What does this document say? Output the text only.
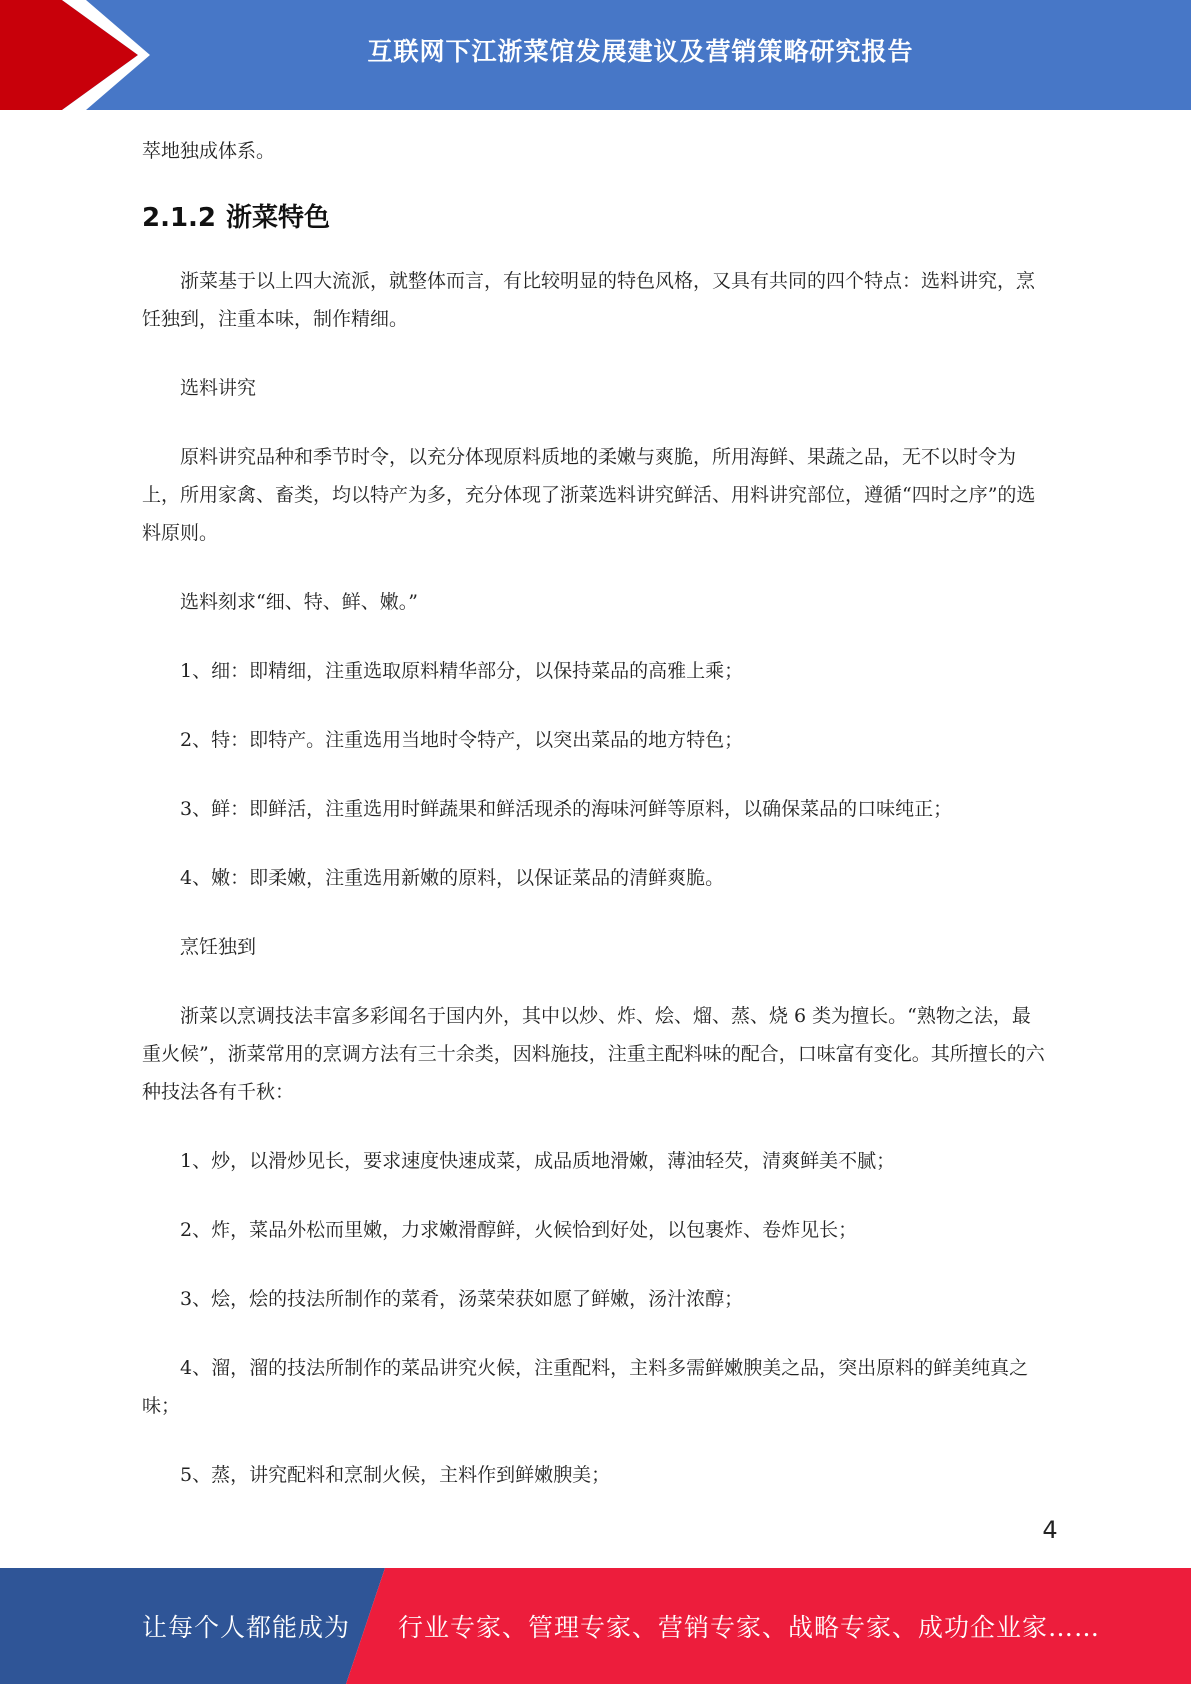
互联网下江浙菜馆发展建议及营销策略研究报告

萃地独成体系。

2.1.2 浙菜特色

浙菜基于以上四大流派，就整体而言，有比较明显的特色风格，又具有共同的四个特点：选料讲究，烹饪独到，注重本味，制作精细。

选料讲究

原料讲究品种和季节时令，以充分体现原料质地的柔嫩与爽脆，所用海鲜、果蔬之品，无不以时令为上，所用家禽、畜类，均以特产为多，充分体现了浙菜选料讲究鲜活、用料讲究部位，遵循“四时之序”的选料原则。

选料刻求“细、特、鲜、嫩。”

1、细：即精细，注重选取原料精华部分，以保持菜品的高雅上乘；

2、特：即特产。注重选用当地时令特产，以突出菜品的地方特色；

3、鲜：即鲜活，注重选用时鲜蔬果和鲜活现杀的海味河鲜等原料，以确保菜品的口味纯正；

4、嫩：即柔嫩，注重选用新嫩的原料，以保证菜品的清鲜爽脆。

烹饪独到

浙菜以烹调技法丰富多彩闻名于国内外，其中以炒、炸、烩、熘、蒸、烧 6 类为擅长。“熟物之法，最重火候”，浙菜常用的烹调方法有三十余类，因料施技，注重主配料味的配合，口味富有变化。其所擅长的六种技法各有千秋：

1、炒，以滑炒见长，要求速度快速成菜，成品质地滑嫩，薄油轻芡，清爽鲜美不腻；

2、炸，菜品外松而里嫩，力求嫩滑醇鲜，火候恰到好处，以包裹炸、卷炸见长；

3、烩，烩的技法所制作的菜肴，汤菜荣获如愿了鲜嫩，汤汁浓醇；

4、溜，溜的技法所制作的菜品讲究火候，注重配料，主料多需鲜嫩腴美之品，突出原料的鲜美纯真之味；

5、蒸，讲究配料和烹制火候，主料作到鲜嫩腴美；

4
让每个人都能成为 行业专家、管理专家、营销专家、战略专家、成功企业家……
